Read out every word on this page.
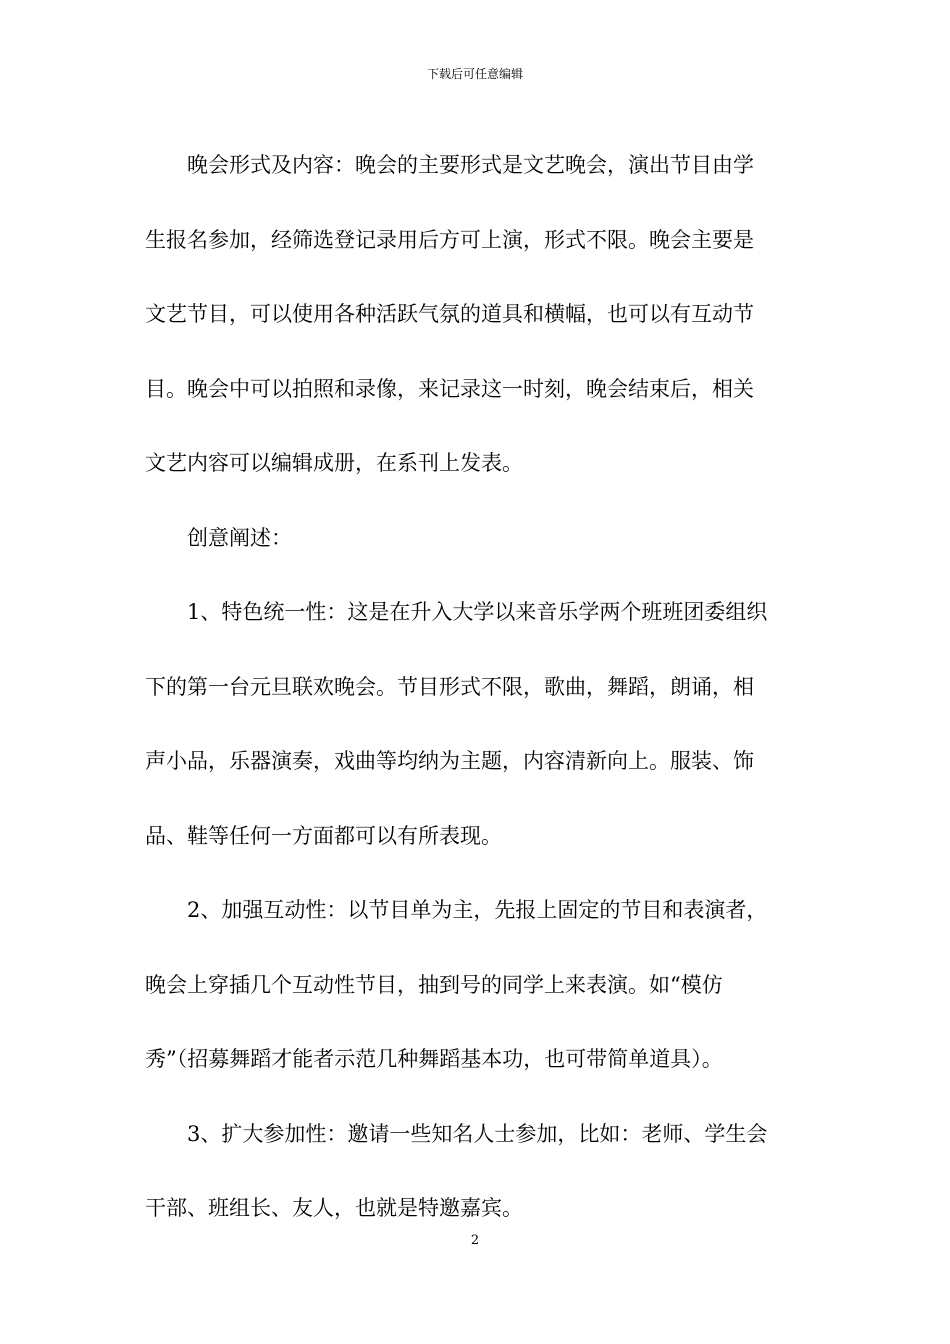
下载后可任意编辑

晚会形式及内容：晚会的主要形式是文艺晚会，演出节目由学
生报名参加，经筛选登记录用后方可上演，形式不限。晚会主要是
文艺节目，可以使用各种活跃气氛的道具和横幅，也可以有互动节
目。晚会中可以拍照和录像，来记录这一时刻，晚会结束后，相关
文艺内容可以编辑成册，在系刊上发表。

创意阐述：

1、特色统一性：这是在升入大学以来音乐学两个班班团委组织
下的第一台元旦联欢晚会。节目形式不限，歌曲，舞蹈，朗诵，相
声小品，乐器演奏，戏曲等均纳为主题，内容清新向上。服装、饰
品、鞋等任何一方面都可以有所表现。

2、加强互动性：以节目单为主，先报上固定的节目和表演者，
晚会上穿插几个互动性节目，抽到号的同学上来表演。如“模仿
秀”（招募舞蹈才能者示范几种舞蹈基本功，也可带简单道具）。

3、扩大参加性：邀请一些知名人士参加，比如：老师、学生会
干部、班组长、友人，也就是特邀嘉宾。

2
